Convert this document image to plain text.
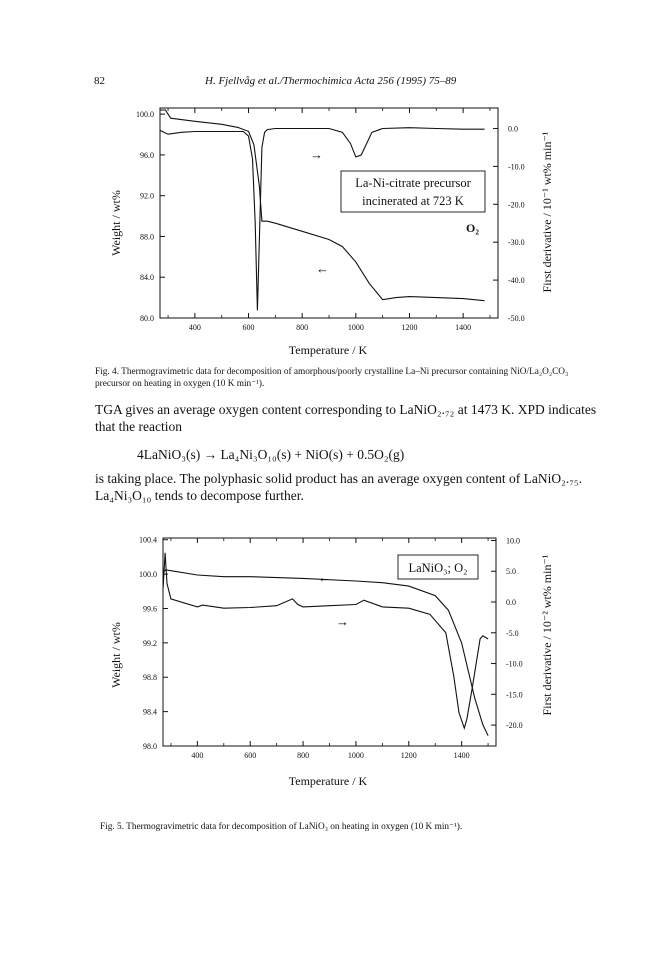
82	H. Fjellvåg et al./Thermochimica Acta 256 (1995) 75–89
400	600	800	1000	1200	1400
100.0
96.0
92.0
88.0
84.0
80.0
0.0
-10.0
-20.0
-30.0
-40.0
-50.0
La-Ni-citrate precursor
incinerated at 723 K
O₂
→
←
Weight / wt%	First derivative / 10⁻¹ wt% min⁻¹
Temperature / K
400	600	800	1000	1200	1400
100.4
100.0
99.6
99.2
98.8
98.4
98.0
10.0
5.0
0.0
-5.0
-10.0
-15.0
-20.0
LaNiO₃; O₂
←
→
Weight / wt%	First derivative / 10⁻² wt% min⁻¹
Temperature / K
Fig. 4. Thermogravimetric data for decomposition of amorphous/poorly crystalline La–Ni precursor containing NiO/La₂O₂CO₃ precursor on heating in oxygen (10 K min⁻¹).
TGA gives an average oxygen content corresponding to LaNiO₂.₇₂ at 1473 K. XPD indicates that the reaction
4LaNiO₃(s) → La₄Ni₃O₁₀(s) + NiO(s) + 0.5O₂(g)
is taking place. The polyphasic solid product has an average oxygen content of LaNiO₂.₇₅. La₄Ni₃O₁₀ tends to decompose further.
Fig. 5. Thermogravimetric data for decomposition of LaNiO₃ on heating in oxygen (10 K min⁻¹).
